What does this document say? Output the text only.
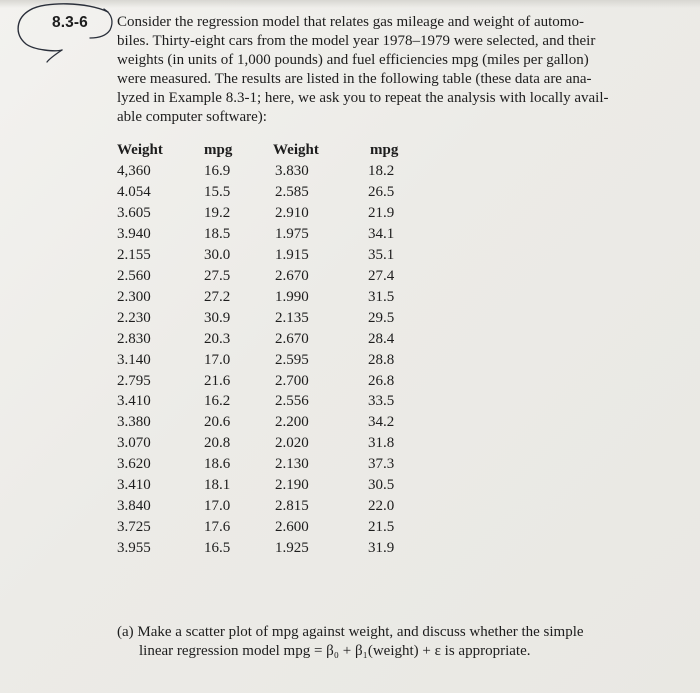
8.3-6 Consider the regression model that relates gas mileage and weight of automo-
biles. Thirty-eight cars from the model year 1978–1979 were selected, and their
weights (in units of 1,000 pounds) and fuel efficiencies mpg (miles per gallon)
were measured. The results are listed in the following table (these data are ana-
lyzed in Example 8.3-1; here, we ask you to repeat the analysis with locally avail-
able computer software):
Weight	mpg	Weight	mpg
4,360	16.9	3.830	18.2
4.054	15.5	2.585	26.5
3.605	19.2	2.910	21.9
3.940	18.5	1.975	34.1
2.155	30.0	1.915	35.1
2.560	27.5	2.670	27.4
2.300	27.2	1.990	31.5
2.230	30.9	2.135	29.5
2.830	20.3	2.670	28.4
3.140	17.0	2.595	28.8
2.795	21.6	2.700	26.8
3.410	16.2	2.556	33.5
3.380	20.6	2.200	34.2
3.070	20.8	2.020	31.8
3.620	18.6	2.130	37.3
3.410	18.1	2.190	30.5
3.840	17.0	2.815	22.0
3.725	17.6	2.600	21.5
3.955	16.5	1.925	31.9
(a) Make a scatter plot of mpg against weight, and discuss whether the simple
linear regression model mpg = β₀ + β₁(weight) + ε is appropriate.
